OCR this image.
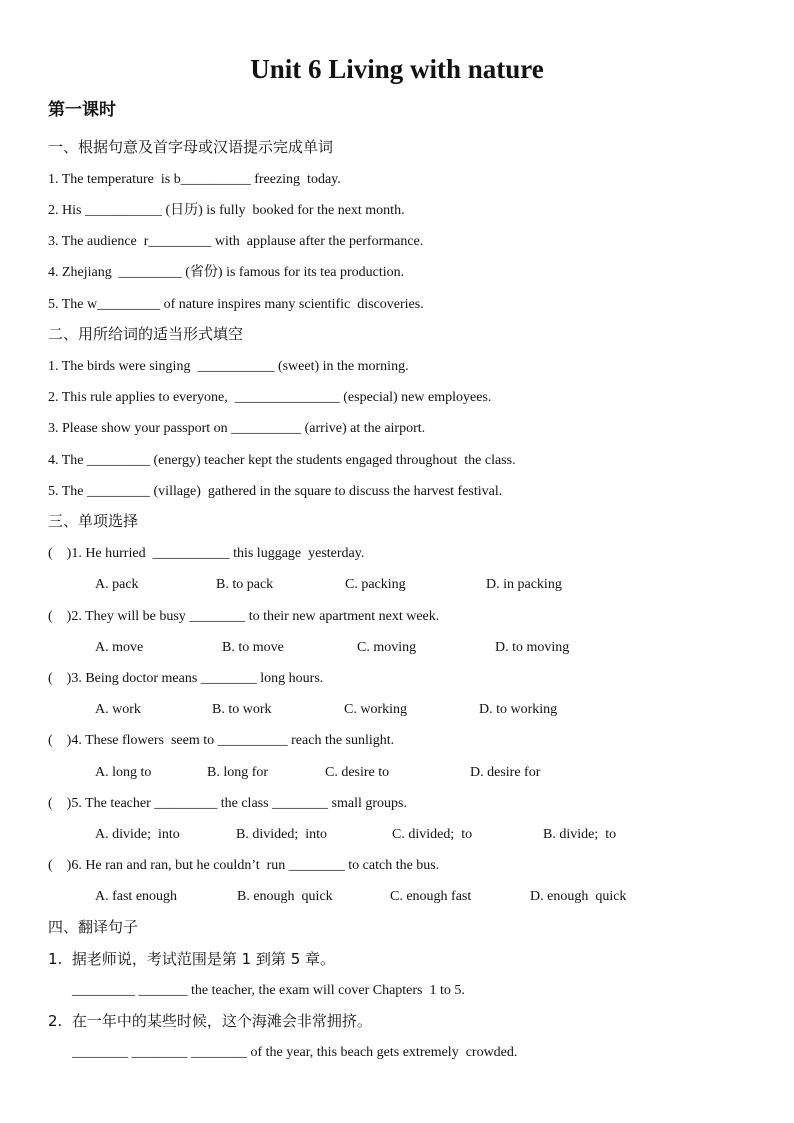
Unit 6 Living with nature
第一课时
一、根据句意及首字母或汉语提示完成单词
1. The temperature  is b__________ freezing  today.
2. His ___________ (日历) is fully  booked for the next month.
3. The audience  r_________ with  applause after the performance.
4. Zhejiang  _________ (省份) is famous for its tea production.
5. The w_________ of nature inspires many scientific  discoveries.
二、用所给词的适当形式填空
1. The birds were singing  ___________ (sweet) in the morning.
2. This rule applies to everyone,  _______________ (especial) new employees.
3. Please show your passport on __________ (arrive) at the airport.
4. The _________ (energy) teacher kept the students engaged throughout  the class.
5. The _________ (village)  gathered in the square to discuss the harvest festival.
三、单项选择
(    )1. He hurried  ___________ this luggage  yesterday.
A. pack	B. to pack	C. packing	D. in packing
(    )2. They will be busy ________ to their new apartment next week.
A. move	B. to move	C. moving	D. to moving
(    )3. Being doctor means ________ long hours.
A. work	B. to work	C. working	D. to working
(    )4. These flowers  seem to __________ reach the sunlight.
A. long to	B. long for	C. desire to	D. desire for
(    )5. The teacher _________ the class ________ small groups.
A. divide;  into	B. divided;  into	C. divided;  to	B. divide;  to
(    )6. He ran and ran, but he couldn’t  run ________ to catch the bus.
A. fast enough	B. enough  quick	C. enough fast	D. enough  quick
四、翻译句子
1.  据老师说，考试范围是第 1 到第 5 章。
_________ _______ the teacher, the exam will cover Chapters  1 to 5.
2.  在一年中的某些时候，这个海滩会非常拥挤。
________ ________ ________ of the year, this beach gets extremely  crowded.
